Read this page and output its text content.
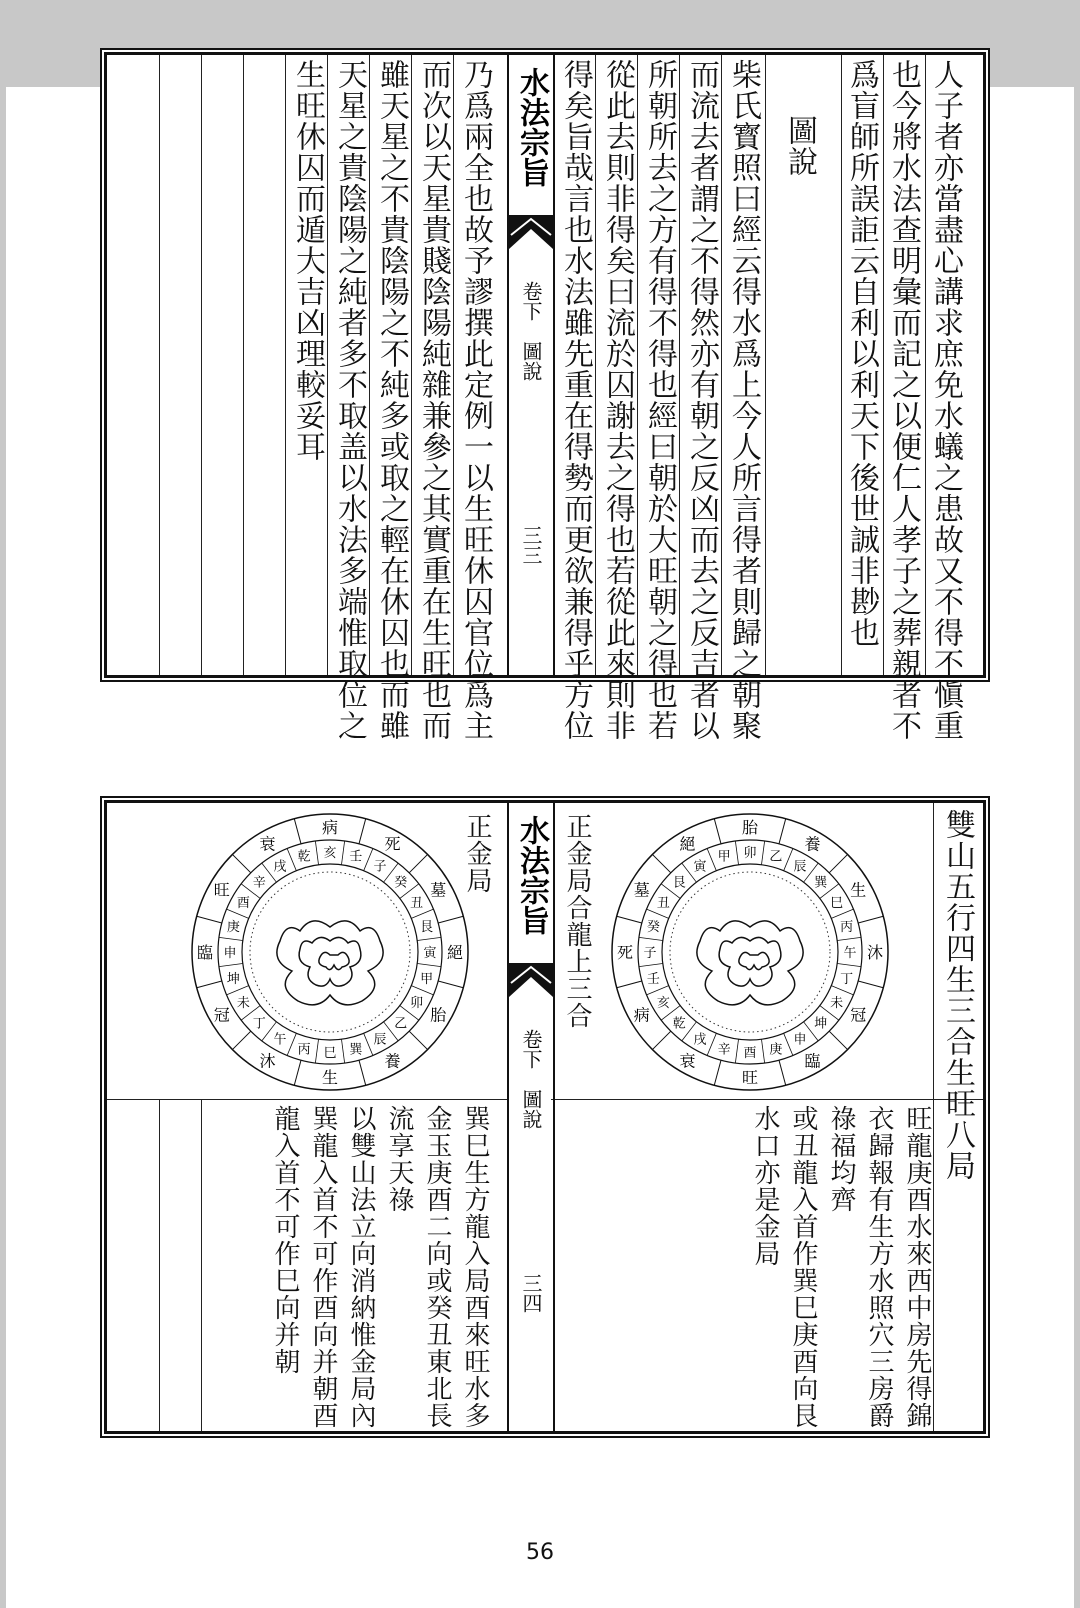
人子者亦當盡心講求庶免水蟻之患故又不得不愼重
也今將水法查明彙而記之以便仁人孝子之葬親者不
爲盲師所誤詎云自利以利天下後世誠非尠也
圖說
柴氏寳照曰經云得水爲上今人所言得者則歸之朝聚
而流去者謂之不得然亦有朝之反凶而去之反吉者以
所朝所去之方有得不得也經曰朝於大旺朝之得也若
從此去則非得矣曰流於囚謝去之得也若從此來則非
得矣旨哉言也水法雖先重在得勢而更欲兼得乎方位
水法宗旨
卷下　圖說
三三
乃爲兩全也故予謬撰此定例一以生旺休囚官位爲主
而次以天星貴賤陰陽純雜兼參之其實重在生旺也而
雖天星之不貴陰陽之不純多或取之輕在休囚也而雖
天星之貴陰陽之純者多不取盖以水法多端惟取位之
生旺休囚而遁大吉凶理較妥耳
雙山五行四生三合生旺八局
旺龍庚酉水來西中房先得錦
衣歸報有生方水照穴三房爵
祿福均齊
或丑龍入首作巽巳庚酉向艮
水口亦是金局
正金局合龍上三合
旺
臨
冠
沐
生
養
胎
絕
墓
死
病
衰	酉 庚
申
坤
未
丁
午
丙
巳
巽
辰
乙
卯
甲
寅
艮
丑
癸
子
壬
亥
乾
戌
辛
水法宗旨
卷下　圖說
三四
正金局
生
養
胎
絕
墓
死
病
衰
旺
臨
冠
沐	巳 巽
辰
乙
卯
甲
寅
艮
丑
癸
子
壬
亥
乾
戌
辛
酉
庚
申
坤
未
丁
午
丙
巽巳生方龍入局酉來旺水多
金玉庚酉二向或癸丑東北長
流享天祿
以雙山法立向消納惟金局內
巽龍入首不可作酉向并朝酉
龍入首不可作巳向并朝
56
